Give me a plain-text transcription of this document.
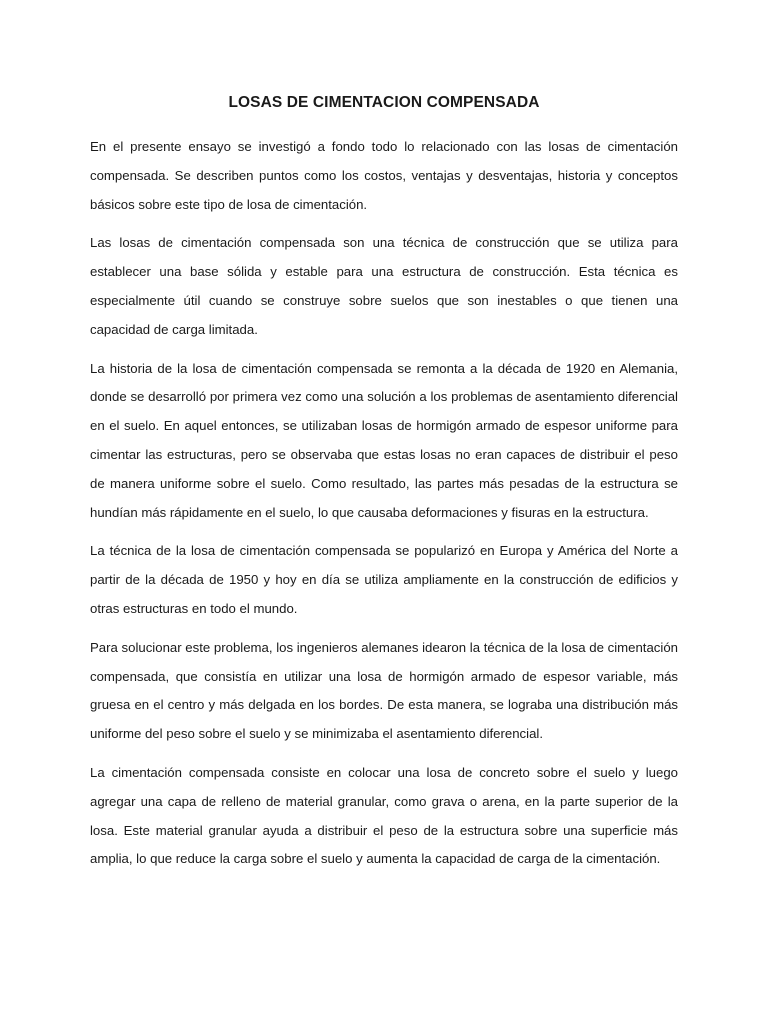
LOSAS DE CIMENTACION COMPENSADA

En el presente ensayo se investigó a fondo todo lo relacionado con las losas de cimentación compensada. Se describen puntos como los costos, ventajas y desventajas, historia y conceptos básicos sobre este tipo de losa de cimentación.

Las losas de cimentación compensada son una técnica de construcción que se utiliza para establecer una base sólida y estable para una estructura de construcción. Esta técnica es especialmente útil cuando se construye sobre suelos que son inestables o que tienen una capacidad de carga limitada.

La historia de la losa de cimentación compensada se remonta a la década de 1920 en Alemania, donde se desarrolló por primera vez como una solución a los problemas de asentamiento diferencial en el suelo. En aquel entonces, se utilizaban losas de hormigón armado de espesor uniforme para cimentar las estructuras, pero se observaba que estas losas no eran capaces de distribuir el peso de manera uniforme sobre el suelo. Como resultado, las partes más pesadas de la estructura se hundían más rápidamente en el suelo, lo que causaba deformaciones y fisuras en la estructura.

La técnica de la losa de cimentación compensada se popularizó en Europa y América del Norte a partir de la década de 1950 y hoy en día se utiliza ampliamente en la construcción de edificios y otras estructuras en todo el mundo.

Para solucionar este problema, los ingenieros alemanes idearon la técnica de la losa de cimentación compensada, que consistía en utilizar una losa de hormigón armado de espesor variable, más gruesa en el centro y más delgada en los bordes. De esta manera, se lograba una distribución más uniforme del peso sobre el suelo y se minimizaba el asentamiento diferencial.

La cimentación compensada consiste en colocar una losa de concreto sobre el suelo y luego agregar una capa de relleno de material granular, como grava o arena, en la parte superior de la losa. Este material granular ayuda a distribuir el peso de la estructura sobre una superficie más amplia, lo que reduce la carga sobre el suelo y aumenta la capacidad de carga de la cimentación.
